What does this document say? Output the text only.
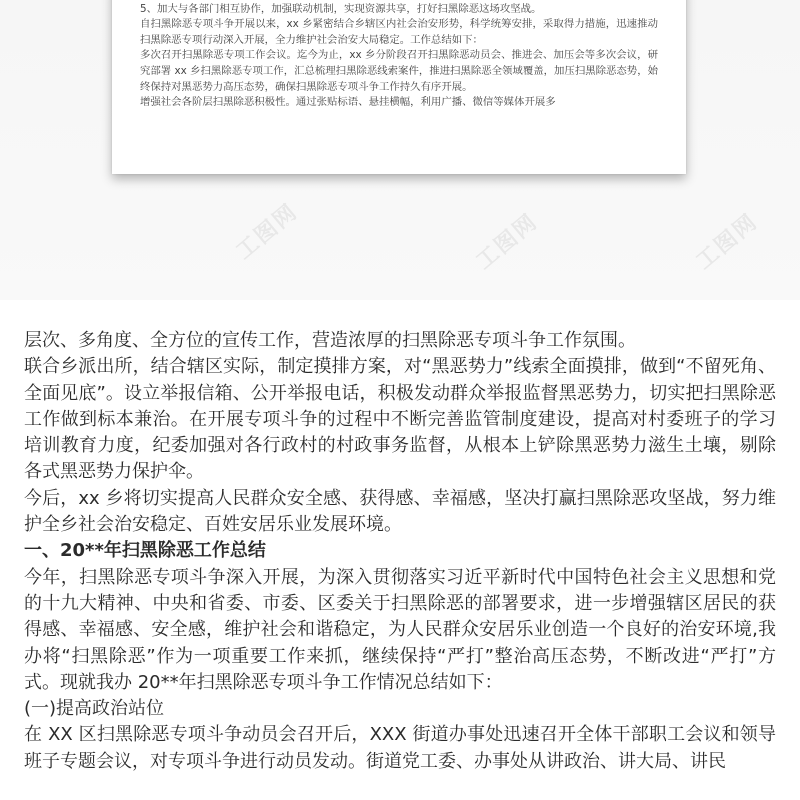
5、加大与各部门相互协作，加强联动机制，实现资源共享，打好扫黑除恶这场攻坚战。

自扫黑除恶专项斗争开展以来，xx 乡紧密结合乡辖区内社会治安形势，科学统筹安排，采取得力措施，迅速推动扫黑除恶专项行动深入开展，全力维护社会治安大局稳定。工作总结如下：

多次召开扫黑除恶专项工作会议。迄今为止，xx 乡分阶段召开扫黑除恶动员会、推进会、加压会等多次会议，研究部署 xx 乡扫黑除恶专项工作，汇总梳理扫黑除恶线索案件，推进扫黑除恶全领域覆盖，加压扫黑除恶态势，始终保持对黑恶势力高压态势，确保扫黑除恶专项斗争工作持久有序开展。

增强社会各阶层扫黑除恶积极性。通过张贴标语、悬挂横幅，利用广播、微信等媒体开展多

层次、多角度、全方位的宣传工作，营造浓厚的扫黑除恶专项斗争工作氛围。

联合乡派出所，结合辖区实际，制定摸排方案，对“黑恶势力”线索全面摸排，做到“不留死角、全面见底”。设立举报信箱、公开举报电话，积极发动群众举报监督黑恶势力，切实把扫黑除恶工作做到标本兼治。在开展专项斗争的过程中不断完善监管制度建设，提高对村委班子的学习培训教育力度，纪委加强对各行政村的村政事务监督，从根本上铲除黑恶势力滋生土壤，剔除各式黑恶势力保护伞。

今后，xx 乡将切实提高人民群众安全感、获得感、幸福感，坚决打赢扫黑除恶攻坚战，努力维护全乡社会治安稳定、百姓安居乐业发展环境。

一、20**年扫黑除恶工作总结

今年，扫黑除恶专项斗争深入开展，为深入贯彻落实习近平新时代中国特色社会主义思想和党的十九大精神、中央和省委、市委、区委关于扫黑除恶的部署要求，进一步增强辖区居民的获得感、幸福感、安全感，维护社会和谐稳定，为人民群众安居乐业创造一个良好的治安环境,我办将“扫黑除恶”作为一项重要工作来抓，继续保持“严打”整治高压态势，不断改进“严打”方式。现就我办 20**年扫黑除恶专项斗争工作情况总结如下：

(一)提高政治站位

在 XX 区扫黑除恶专项斗争动员会召开后，XXX 街道办事处迅速召开全体干部职工会议和领导班子专题会议，对专项斗争进行动员发动。街道党工委、办事处从讲政治、讲大局、讲民
